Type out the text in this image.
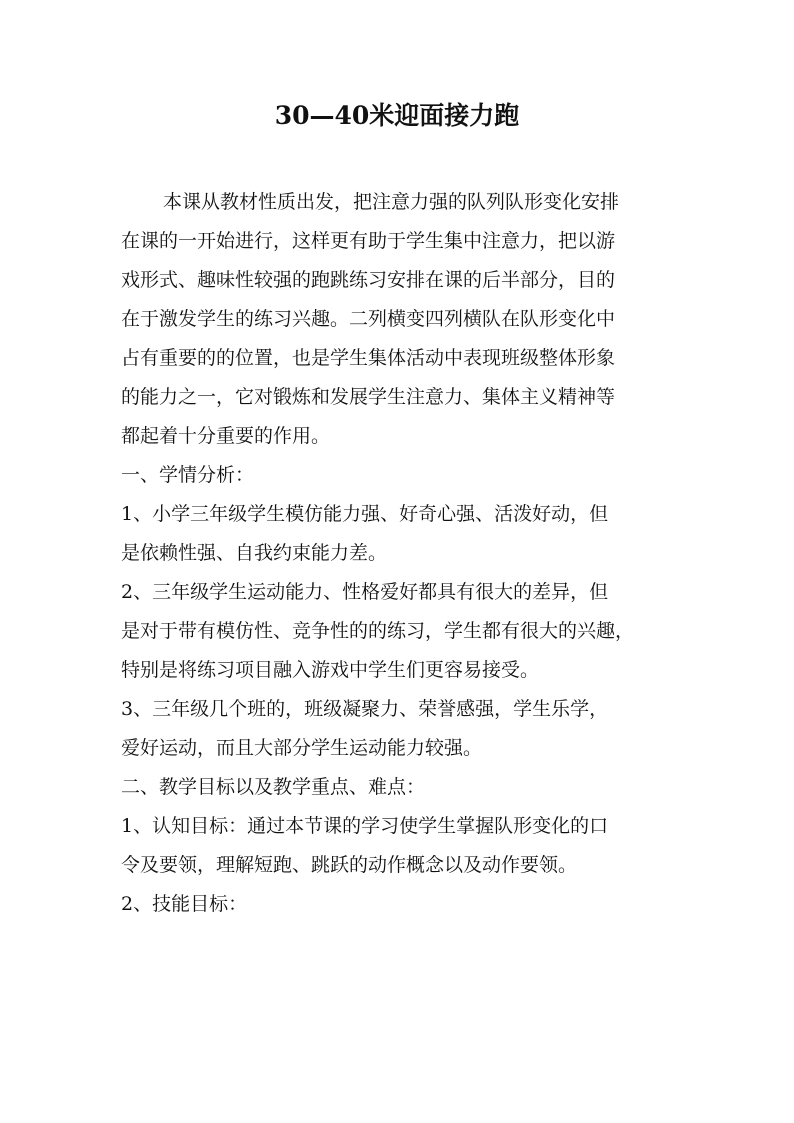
30—40米迎面接力跑

本课从教材性质出发，把注意力强的队列队形变化安排
在课的一开始进行，这样更有助于学生集中注意力，把以游
戏形式、趣味性较强的跑跳练习安排在课的后半部分，目的
在于激发学生的练习兴趣。二列横变四列横队在队形变化中
占有重要的的位置，也是学生集体活动中表现班级整体形象
的能力之一，它对锻炼和发展学生注意力、集体主义精神等
都起着十分重要的作用。

一、学情分析：

1、小学三年级学生模仿能力强、好奇心强、活泼好动，但
是依赖性强、自我约束能力差。

2、三年级学生运动能力、性格爱好都具有很大的差异，但
是对于带有模仿性、竞争性的的练习，学生都有很大的兴趣，
特别是将练习项目融入游戏中学生们更容易接受。

3、三年级几个班的，班级凝聚力、荣誉感强，学生乐学，
爱好运动，而且大部分学生运动能力较强。

二、教学目标以及教学重点、难点：

1、认知目标：通过本节课的学习使学生掌握队形变化的口
令及要领，理解短跑、跳跃的动作概念以及动作要领。

2、技能目标：
